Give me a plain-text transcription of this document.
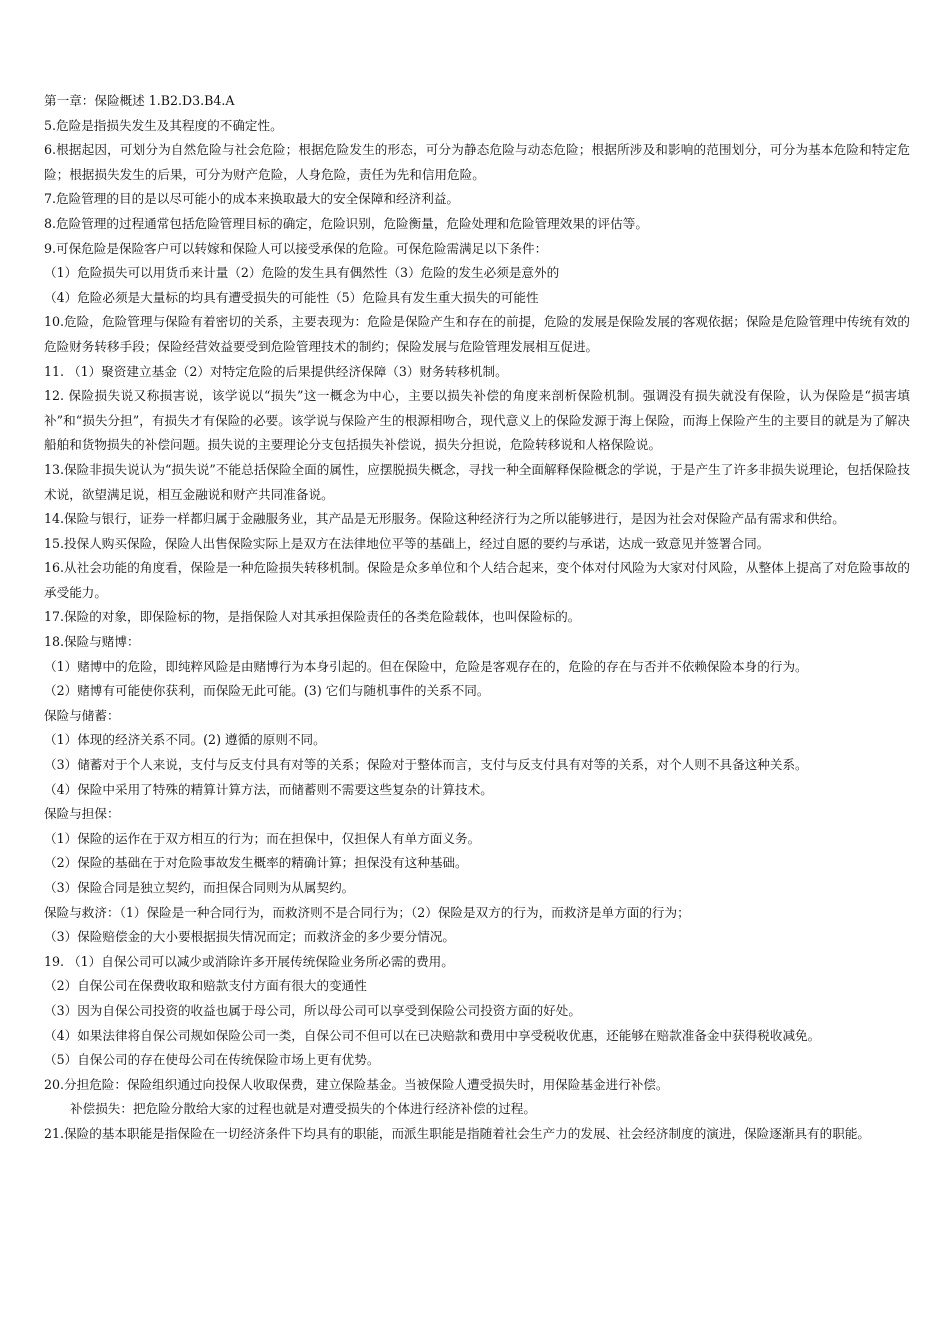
第一章：保险概述 1.B2.D3.B4.A

5.危险是指损失发生及其程度的不确定性。

6.根据起因，可划分为自然危险与社会危险；根据危险发生的形态，可分为静态危险与动态危险；根据所涉及和影响的范围划分，可分为基本危险和特定危险；根据损失发生的后果，可分为财产危险，人身危险，责任为先和信用危险。

7.危险管理的目的是以尽可能小的成本来换取最大的安全保障和经济利益。

8.危险管理的过程通常包括危险管理目标的确定，危险识别，危险衡量，危险处理和危险管理效果的评估等。

9.可保危险是保险客户可以转嫁和保险人可以接受承保的危险。可保危险需满足以下条件：

（1）危险损失可以用货币来计量（2）危险的发生具有偶然性（3）危险的发生必须是意外的

（4）危险必须是大量标的均具有遭受损失的可能性（5）危险具有发生重大损失的可能性

10.危险，危险管理与保险有着密切的关系，主要表现为：危险是保险产生和存在的前提，危险的发展是保险发展的客观依据；保险是危险管理中传统有效的危险财务转移手段；保险经营效益要受到危险管理技术的制约；保险发展与危险管理发展相互促进。

11. （1）聚资建立基金（2）对特定危险的后果提供经济保障（3）财务转移机制。

12. 保险损失说又称损害说，该学说以“损失”这一概念为中心，主要以损失补偿的角度来剖析保险机制。强调没有损失就没有保险，认为保险是“损害填补”和“损失分担”，有损失才有保险的必要。该学说与保险产生的根源相吻合，现代意义上的保险发源于海上保险，而海上保险产生的主要目的就是为了解决船舶和货物损失的补偿问题。损失说的主要理论分支包括损失补偿说，损失分担说，危险转移说和人格保险说。

13.保险非损失说认为“损失说”不能总括保险全面的属性，应摆脱损失概念，寻找一种全面解释保险概念的学说，于是产生了许多非损失说理论，包括保险技术说，欲望满足说，相互金融说和财产共同准备说。

14.保险与银行，证券一样都归属于金融服务业，其产品是无形服务。保险这种经济行为之所以能够进行，是因为社会对保险产品有需求和供给。

15.投保人购买保险，保险人出售保险实际上是双方在法律地位平等的基础上，经过自愿的要约与承诺，达成一致意见并签署合同。

16.从社会功能的角度看，保险是一种危险损失转移机制。保险是众多单位和个人结合起来，变个体对付风险为大家对付风险，从整体上提高了对危险事故的承受能力。

17.保险的对象，即保险标的物，是指保险人对其承担保险责任的各类危险载体，也叫保险标的。

18.保险与赌博：

（1）赌博中的危险，即纯粹风险是由赌博行为本身引起的。但在保险中，危险是客观存在的，危险的存在与否并不依赖保险本身的行为。

（2）赌博有可能使你获利，而保险无此可能。(3) 它们与随机事件的关系不同。

保险与储蓄：

（1）体现的经济关系不同。(2) 遵循的原则不同。

（3）储蓄对于个人来说，支付与反支付具有对等的关系；保险对于整体而言，支付与反支付具有对等的关系，对个人则不具备这种关系。

（4）保险中采用了特殊的精算计算方法，而储蓄则不需要这些复杂的计算技术。

保险与担保：

（1）保险的运作在于双方相互的行为；而在担保中，仅担保人有单方面义务。

（2）保险的基础在于对危险事故发生概率的精确计算；担保没有这种基础。

（3）保险合同是独立契约，而担保合同则为从属契约。

保险与救济：（1）保险是一种合同行为，而救济则不是合同行为；（2）保险是双方的行为，而救济是单方面的行为；

（3）保险赔偿金的大小要根据损失情况而定；而救济金的多少要分情况。

19. （1）自保公司可以减少或消除许多开展传统保险业务所必需的费用。

（2）自保公司在保费收取和赔款支付方面有很大的变通性

（3）因为自保公司投资的收益也属于母公司，所以母公司可以享受到保险公司投资方面的好处。

（4）如果法律将自保公司规如保险公司一类，自保公司不但可以在已决赔款和费用中享受税收优惠，还能够在赔款准备金中获得税收减免。

（5）自保公司的存在使母公司在传统保险市场上更有优势。

20.分担危险：保险组织通过向投保人收取保费，建立保险基金。当被保险人遭受损失时，用保险基金进行补偿。

补偿损失：把危险分散给大家的过程也就是对遭受损失的个体进行经济补偿的过程。

21.保险的基本职能是指保险在一切经济条件下均具有的职能，而派生职能是指随着社会生产力的发展、社会经济制度的演进，保险逐渐具有的职能。
